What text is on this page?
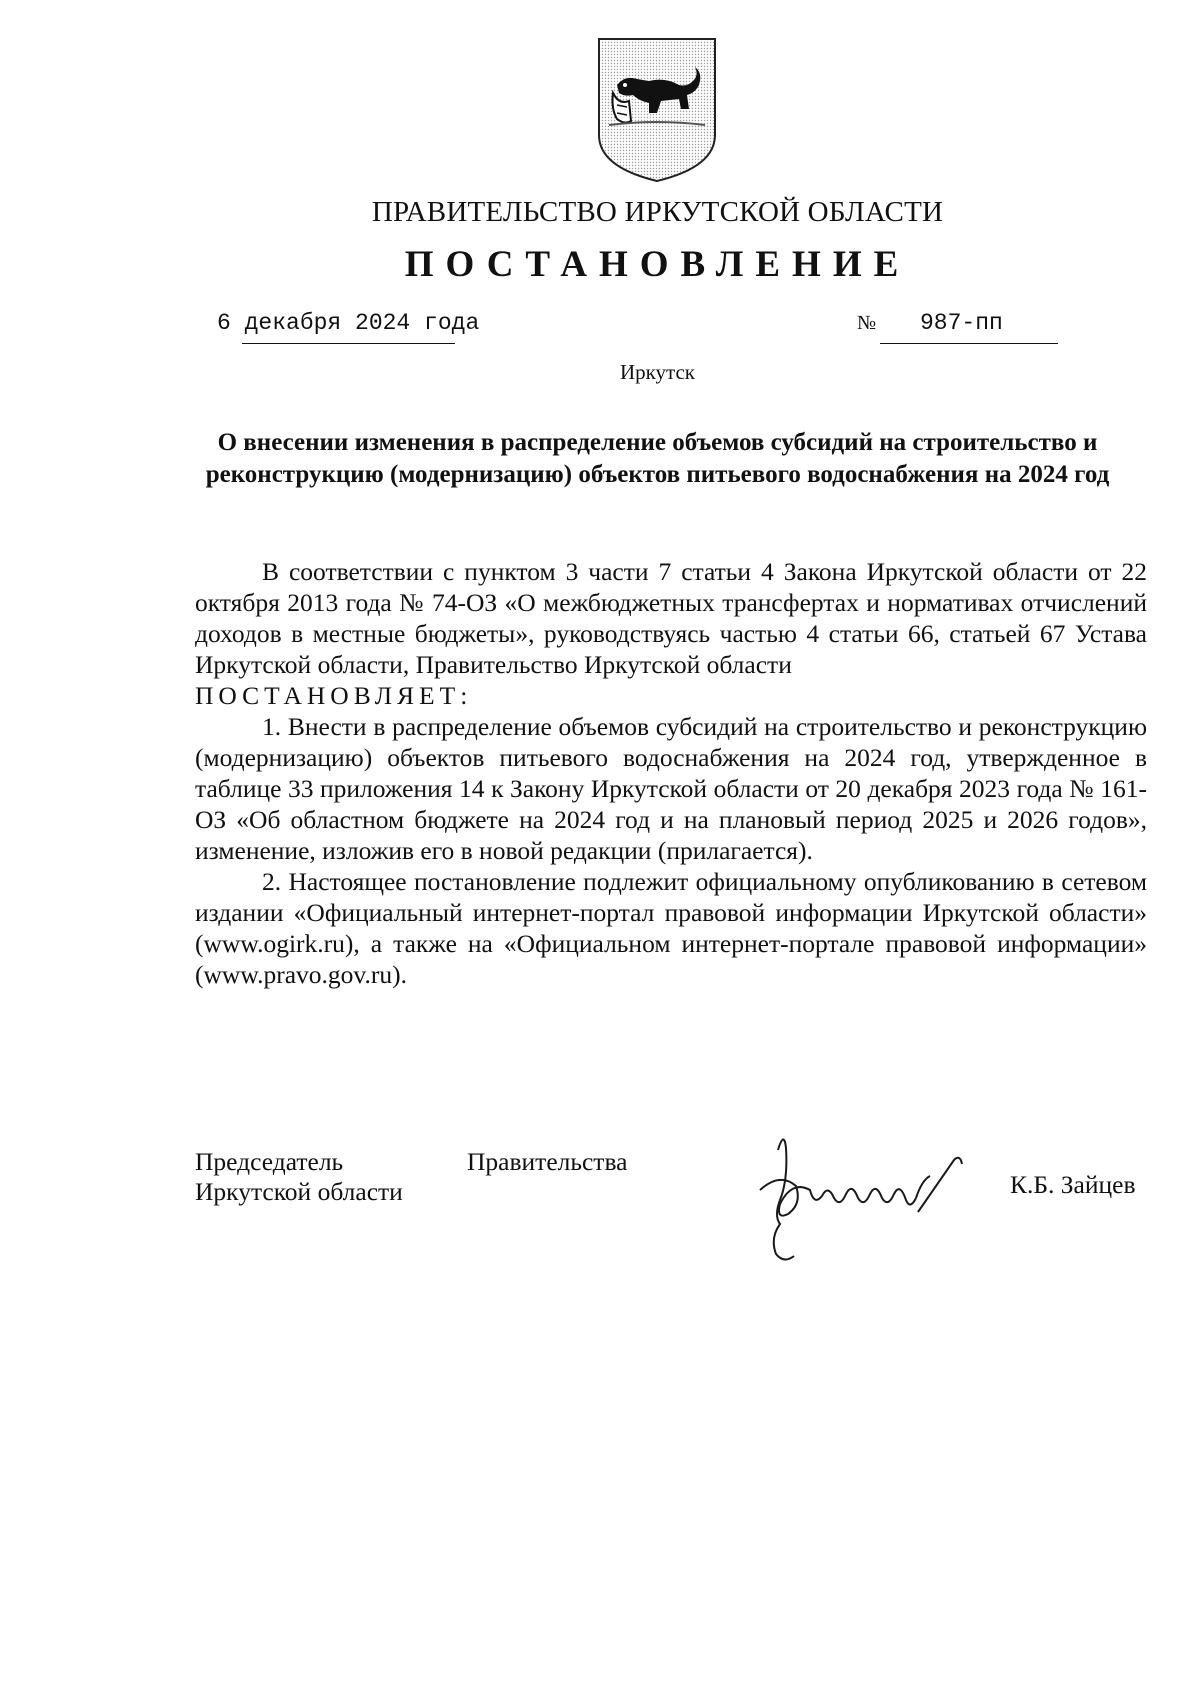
ПРАВИТЕЛЬСТВО ИРКУТСКОЙ ОБЛАСТИ
ПОСТАНОВЛЕНИЕ
6 декабря 2024 года	№ 987-пп
Иркутск
О внесении изменения в распределение объемов субсидий на строительство и реконструкцию (модернизацию) объектов питьевого водоснабжения на 2024 год

В соответствии с пунктом 3 части 7 статьи 4 Закона Иркутской области от 22 октября 2013 года № 74-ОЗ «О межбюджетных трансфертах и нормативах отчислений доходов в местные бюджеты», руководствуясь частью 4 статьи 66, статьей 67 Устава Иркутской области, Правительство Иркутской области

ПОСТАНОВЛЯЕТ:

1. Внести в распределение объемов субсидий на строительство и реконструкцию (модернизацию) объектов питьевого водоснабжения на 2024 год, утвержденное в таблице 33 приложения 14 к Закону Иркутской области от 20 декабря 2023 года № 161-ОЗ «Об областном бюджете на 2024 год и на плановый период 2025 и 2026 годов», изменение, изложив его в новой редакции (прилагается).

2. Настоящее постановление подлежит официальному опубликованию в сетевом издании «Официальный интернет-портал правовой информации Иркутской области» (www.ogirk.ru), а также на «Официальном интернет-портале правовой информации» (www.pravo.gov.ru).

Председатель	Правительства
Иркутской области	К.Б. Зайцев
